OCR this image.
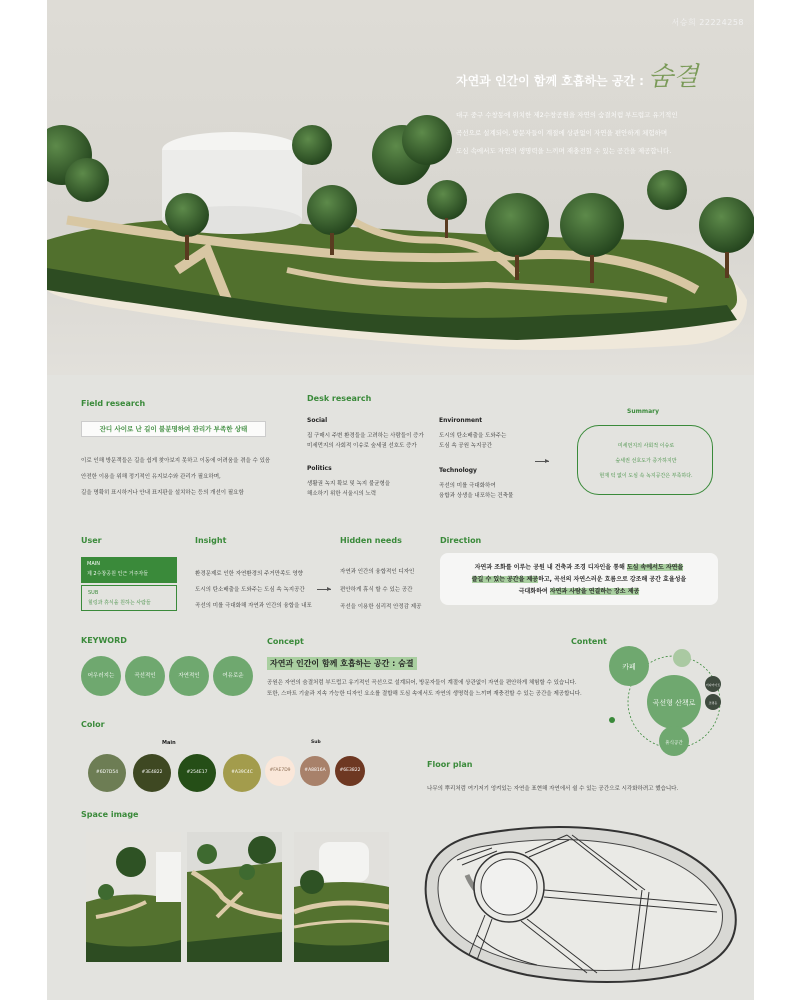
서승희 22224258
자연과 인간이 함께 호흡하는 공간 : 숨결
대구 중구 수창동에 위치한 제2수창공원을 자연의 숨결처럼 부드럽고 유기적인
곡선으로 설계되어, 방문자들이 계절에 상관없이 자연을 편안하게 체험하며
도심 속에서도 자연의 생명력을 느끼며 재충전할 수 있는 공간을 제공합니다.
Field research
잔디 사이로 난 길이 불분명하여 관리가 부족한 상태
이로 인해 방문객들은 길을 쉽게 찾아보지 못하고 이동에 어려움을 겪을 수 있음
안전한 이용을 위해 정기적인 유지보수와 관리가 필요하며,
길을 명확히 표시하거나 안내 표지판을 설치하는 등의 개선이 필요함
Desk research
Social
집 구매시 주변 환경들을 고려하는 사람들이 증가
미세먼지의 사회적 이슈로 숲세권 선호도 증가
Environment
도시의 탄소배출을 도와주는
도심 속 공원 녹지공간
Politics
생활권 녹지 확보 및 녹지 불균형을
해소하기 위한 서울시의 노력
Technology
곡선의 미를 극대화하여
융합과 상생을 내포하는 건축물
Summary
미세먼지의 사회적 이슈로
숲세권 선호도가 증가하지만
현재 턱 없이 도심 속 녹지공간은 부족하다.
User
MAIN
제 2수창공원 인근 거주자들
SUB
힐링과 휴식을 원하는 사람들
Insight
환경문제로 인한 자연환경의 주거만족도 영향
도시의 탄소배출을 도와주는 도심 속 녹지공간
곡선의 미를 극대화해 자연과 인간의 융합을 내포
Hidden needs
자연과 인간의 융합적인 디자인
편안하게 휴식 할 수 있는 공간
곡선을 이용한 심리적 안정감 제공
Direction
자연과 조화를 이루는 공원 내 건축과 조경 디자인을 통해 도심 속에서도 자연을
즐길 수 있는 공간을 제공하고, 곡선의 자연스러운 흐름으로 강조해 공간 효율성을
극대화하여 자연과 사람을 연결하는 장소 제공
KEYWORD
어우러지는	곡선적인	자연적인	여유로운
Concept
자연과 인간이 함께 호흡하는 공간 : 숨결
공원은 자연의 숨결처럼 부드럽고 유기적인 곡선으로 설계되어, 방문자들이 계절에 상관없이 자연을 편안하게 체험할 수 있습니다.
또한, 스마트 기술과 지속 가능한 디자인 요소를 결합해 도심 속에서도 자연의 생명력을 느끼며 재충전할 수 있는 공간을 제공합니다.
Content
카페
곡선형 산책로
휴식공간
미디어아트
조명등
Color
Main	Sub
#6D7D54	#3E4822	#254E17	#A39C4C	#FAE7D9	#A8816A	#6E3822
Floor plan
나무의 뿌리처럼 여기저기 엉켜있는 자연을 표현해 자연에서 쉴 수 있는 공간으로 시각화하려고 했습니다.
Space image
